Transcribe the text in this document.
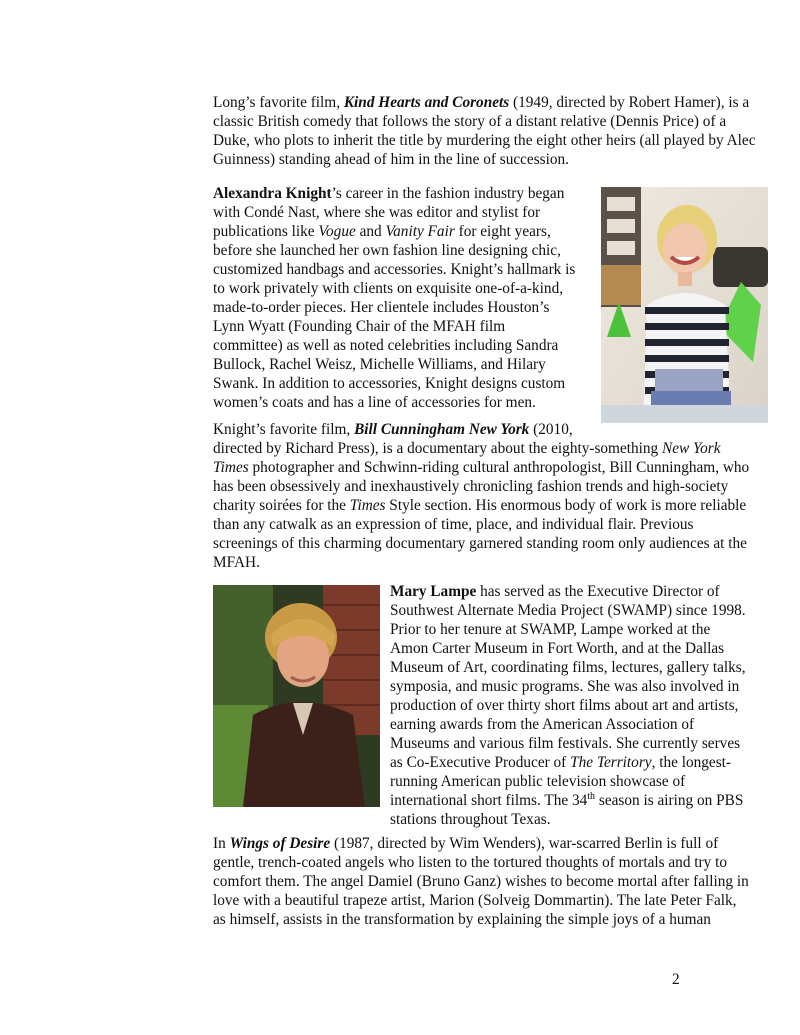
Long’s favorite film, Kind Hearts and Coronets (1949, directed by Robert Hamer), is a
classic British comedy that follows the story of a distant relative (Dennis Price) of a
Duke, who plots to inherit the title by murdering the eight other heirs (all played by Alec
Guinness) standing ahead of him in the line of succession.
Alexandra Knight’s career in the fashion industry began
with Condé Nast, where she was editor and stylist for
publications like Vogue and Vanity Fair for eight years,
before she launched her own fashion line designing chic,
customized handbags and accessories. Knight’s hallmark is
to work privately with clients on exquisite one-of-a-kind,
made-to-order pieces. Her clientele includes Houston’s
Lynn Wyatt (Founding Chair of the MFAH film
committee) as well as noted celebrities including Sandra
Bullock, Rachel Weisz, Michelle Williams, and Hilary
Swank. In addition to accessories, Knight designs custom
women’s coats and has a line of accessories for men.
Knight’s favorite film, Bill Cunningham New York (2010,
directed by Richard Press), is a documentary about the eighty-something New York
Times photographer and Schwinn-riding cultural anthropologist, Bill Cunningham, who
has been obsessively and inexhaustively chronicling fashion trends and high-society
charity soirées for the Times Style section. His enormous body of work is more reliable
than any catwalk as an expression of time, place, and individual flair. Previous
screenings of this charming documentary garnered standing room only audiences at the
MFAH.
Mary Lampe has served as the Executive Director of
Southwest Alternate Media Project (SWAMP) since 1998.
Prior to her tenure at SWAMP, Lampe worked at the
Amon Carter Museum in Fort Worth, and at the Dallas
Museum of Art, coordinating films, lectures, gallery talks,
symposia, and music programs. She was also involved in
production of over thirty short films about art and artists,
earning awards from the American Association of
Museums and various film festivals. She currently serves
as Co-Executive Producer of The Territory, the longest-
running American public television showcase of
international short films. The 34th season is airing on PBS
stations throughout Texas.
In Wings of Desire (1987, directed by Wim Wenders), war-scarred Berlin is full of
gentle, trench-coated angels who listen to the tortured thoughts of mortals and try to
comfort them. The angel Damiel (Bruno Ganz) wishes to become mortal after falling in
love with a beautiful trapeze artist, Marion (Solveig Dommartin). The late Peter Falk,
as himself, assists in the transformation by explaining the simple joys of a human
2
